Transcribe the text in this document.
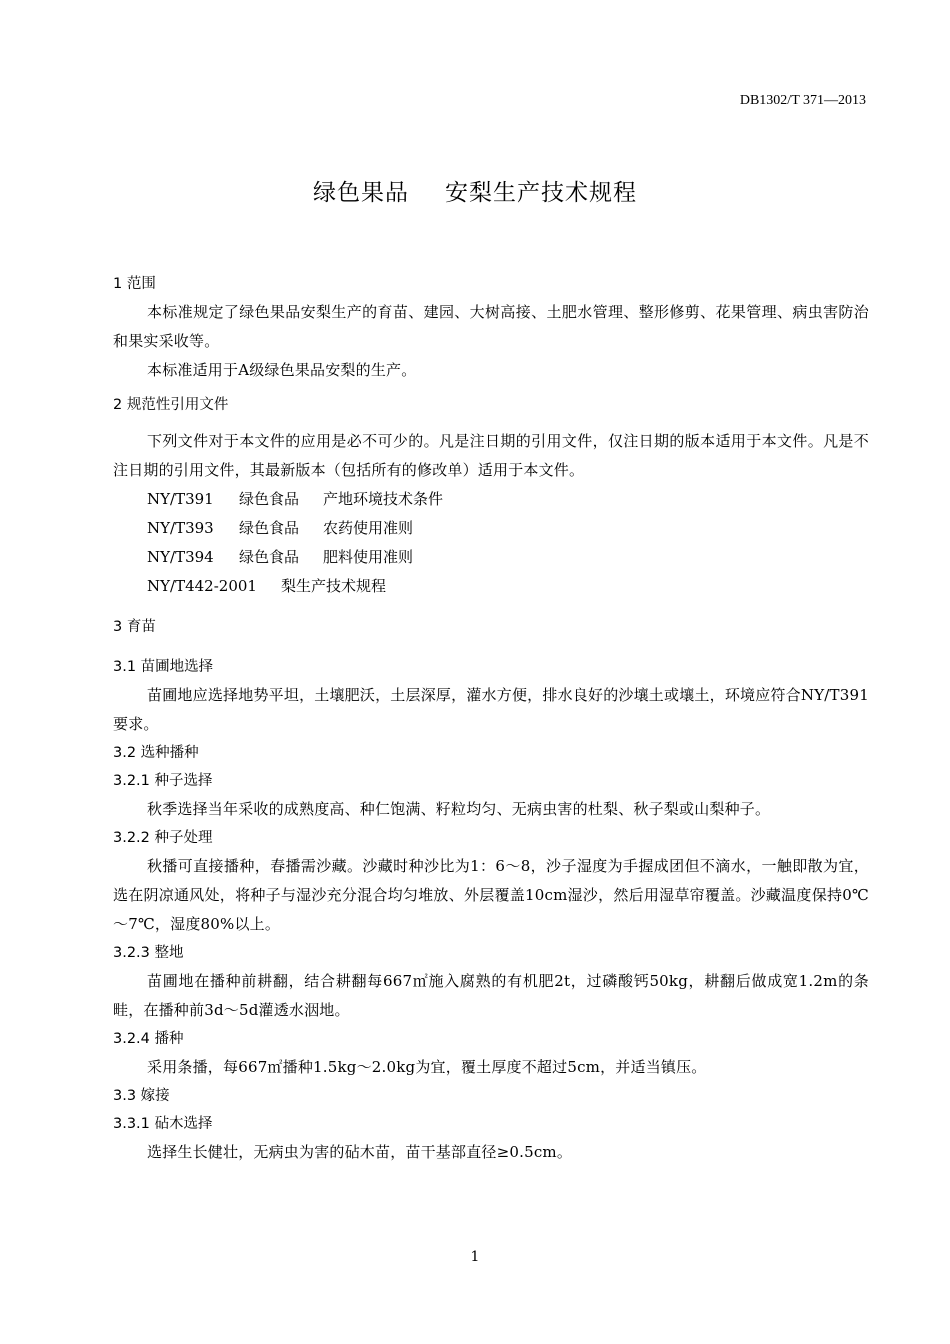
DB1302/T 371—2013
绿色果品 安梨生产技术规程

1 范围

本标准规定了绿色果品安梨生产的育苗、建园、大树高接、土肥水管理、整形修剪、花果管理、病虫害防治和果实采收等。

本标准适用于A级绿色果品安梨的生产。

2 规范性引用文件

下列文件对于本文件的应用是必不可少的。凡是注日期的引用文件，仅注日期的版本适用于本文件。凡是不注日期的引用文件，其最新版本（包括所有的修改单）适用于本文件。

NY/T391 绿色食品 产地环境技术条件

NY/T393 绿色食品 农药使用准则

NY/T394 绿色食品 肥料使用准则

NY/T442-2001 梨生产技术规程

3 育苗

3.1 苗圃地选择

苗圃地应选择地势平坦，土壤肥沃，土层深厚，灌水方便，排水良好的沙壤土或壤土，环境应符合NY/T391要求。

3.2 选种播种

3.2.1 种子选择

秋季选择当年采收的成熟度高、种仁饱满、籽粒均匀、无病虫害的杜梨、秋子梨或山梨种子。

3.2.2 种子处理

秋播可直接播种，春播需沙藏。沙藏时种沙比为1：6～8，沙子湿度为手握成团但不滴水，一触即散为宜，选在阴凉通风处，将种子与湿沙充分混合均匀堆放、外层覆盖10cm湿沙，然后用湿草帘覆盖。沙藏温度保持0℃～7℃，湿度80%以上。

3.2.3 整地

苗圃地在播种前耕翻，结合耕翻每667㎡施入腐熟的有机肥2t，过磷酸钙50kg，耕翻后做成宽1.2m的条畦，在播种前3d～5d灌透水洇地。

3.2.4 播种

采用条播，每667㎡播种1.5kg～2.0kg为宜，覆土厚度不超过5cm，并适当镇压。

3.3 嫁接

3.3.1 砧木选择

选择生长健壮，无病虫为害的砧木苗，苗干基部直径≥0.5cm。

1
